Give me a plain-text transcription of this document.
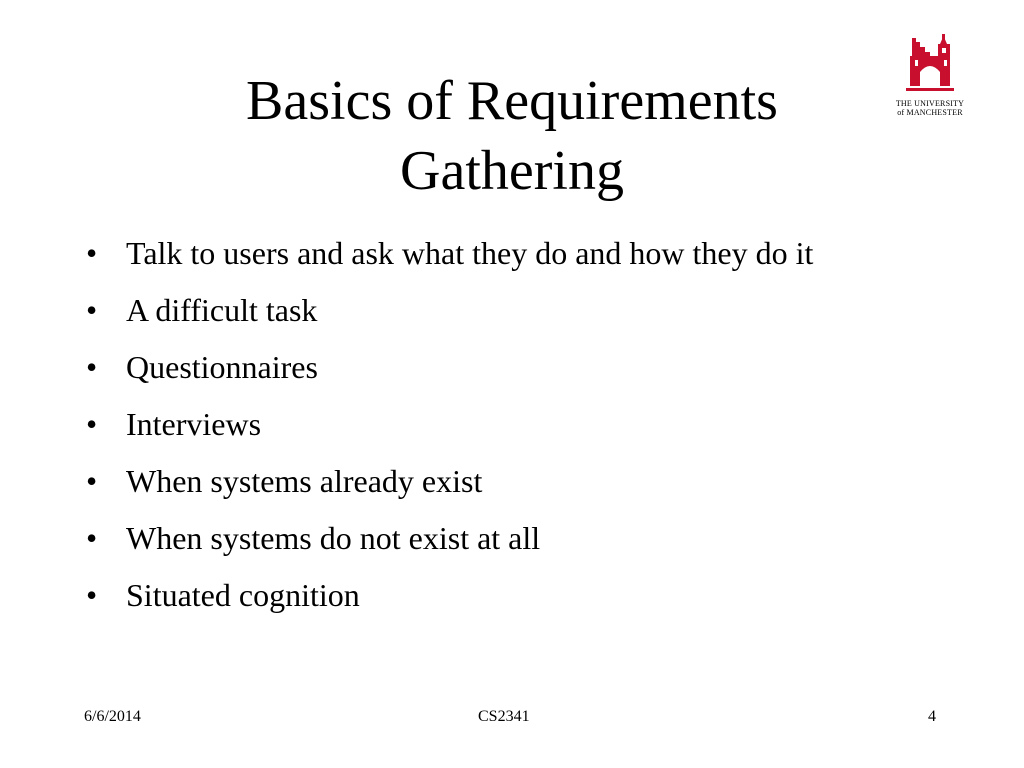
Basics of Requirements
Gathering
THE UNIVERSITY
of MANCHESTER
• Talk to users and ask what they do and how they do it
• A difficult task
• Questionnaires
• Interviews
• When systems already exist
• When systems do not exist at all
• Situated cognition
6/6/2014	CS2341	4
